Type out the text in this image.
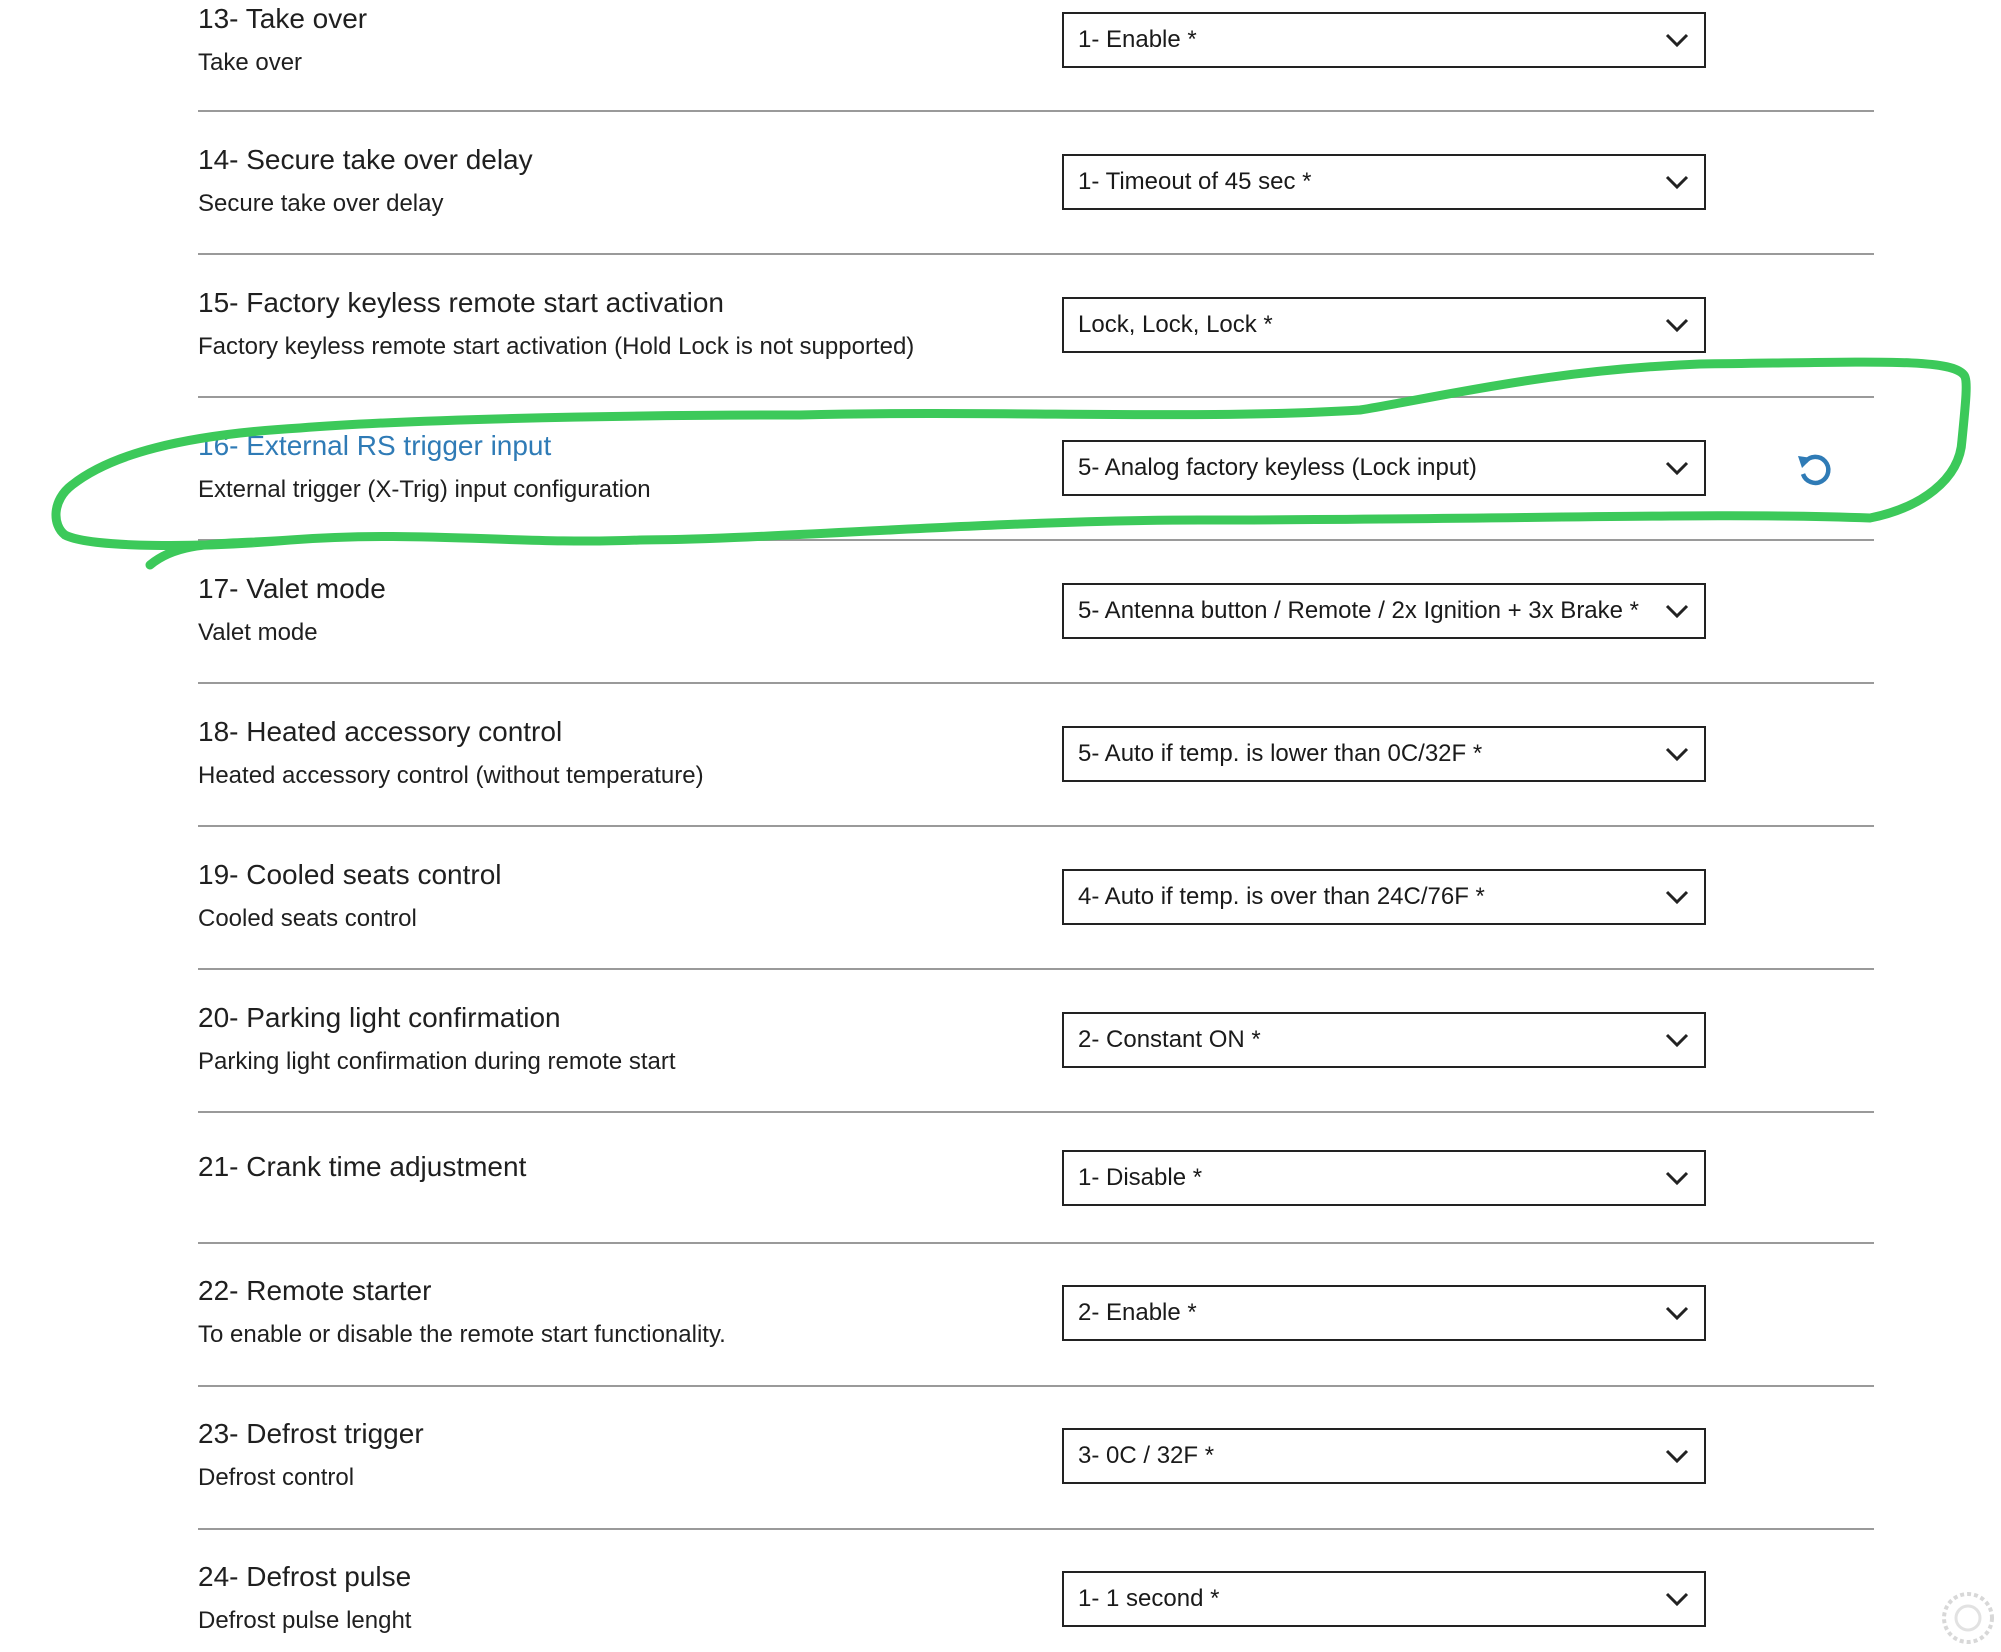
13- Take over
Take over
1- Enable *
14- Secure take over delay
Secure take over delay
1- Timeout of 45 sec *
15- Factory keyless remote start activation
Factory keyless remote start activation (Hold Lock is not supported)
Lock, Lock, Lock *
16- External RS trigger input
External trigger (X-Trig) input configuration
5- Analog factory keyless (Lock input)
17- Valet mode
Valet mode
5- Antenna button / Remote / 2x Ignition + 3x Brake *
18- Heated accessory control
Heated accessory control (without temperature)
5- Auto if temp. is lower than 0C/32F *
19- Cooled seats control
Cooled seats control
4- Auto if temp. is over than 24C/76F *
20- Parking light confirmation
Parking light confirmation during remote start
2- Constant ON *
21- Crank time adjustment	1- Disable *
22- Remote starter
To enable or disable the remote start functionality.
2- Enable *
23- Defrost trigger
Defrost control
3- 0C / 32F *
24- Defrost pulse
Defrost pulse lenght
1- 1 second *
